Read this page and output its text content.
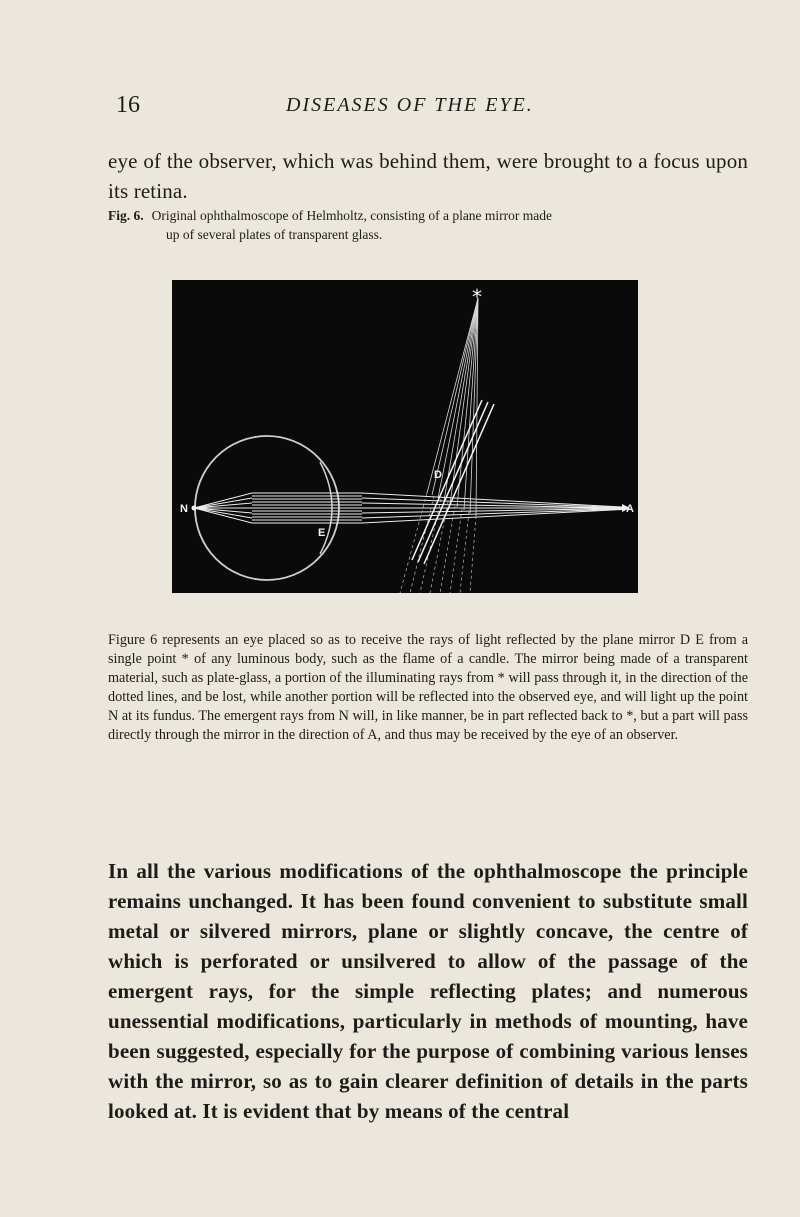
16	DISEASES OF THE EYE.
eye of the observer, which was behind them, were brought to a focus upon its retina.
Fig. 6. Original ophthalmoscope of Helmholtz, consisting of a plane mirror made
up of several plates of transparent glass.
*
N	A
D
E
Figure 6 represents an eye placed so as to receive the rays of light reflected by the plane mirror D E from a single point * of any luminous body, such as the flame of a candle. The mirror being made of a transparent material, such as plate-glass, a portion of the illuminating rays from * will pass through it, in the direction of the dotted lines, and be lost, while another portion will be reflected into the observed eye, and will light up the point N at its fundus. The emergent rays from N will, in like manner, be in part reflected back to *, but a part will pass directly through the mirror in the direction of A, and thus may be received by the eye of an observer.
In all the various modifications of the ophthalmoscope the principle remains unchanged. It has been found convenient to substitute small metal or silvered mirrors, plane or slightly concave, the centre of which is perforated or unsilvered to allow of the passage of the emergent rays, for the simple reflecting plates; and numerous unessential modifications, particularly in methods of mounting, have been suggested, especially for the purpose of combining various lenses with the mirror, so as to gain clearer definition of details in the parts looked at. It is evident that by means of the central
